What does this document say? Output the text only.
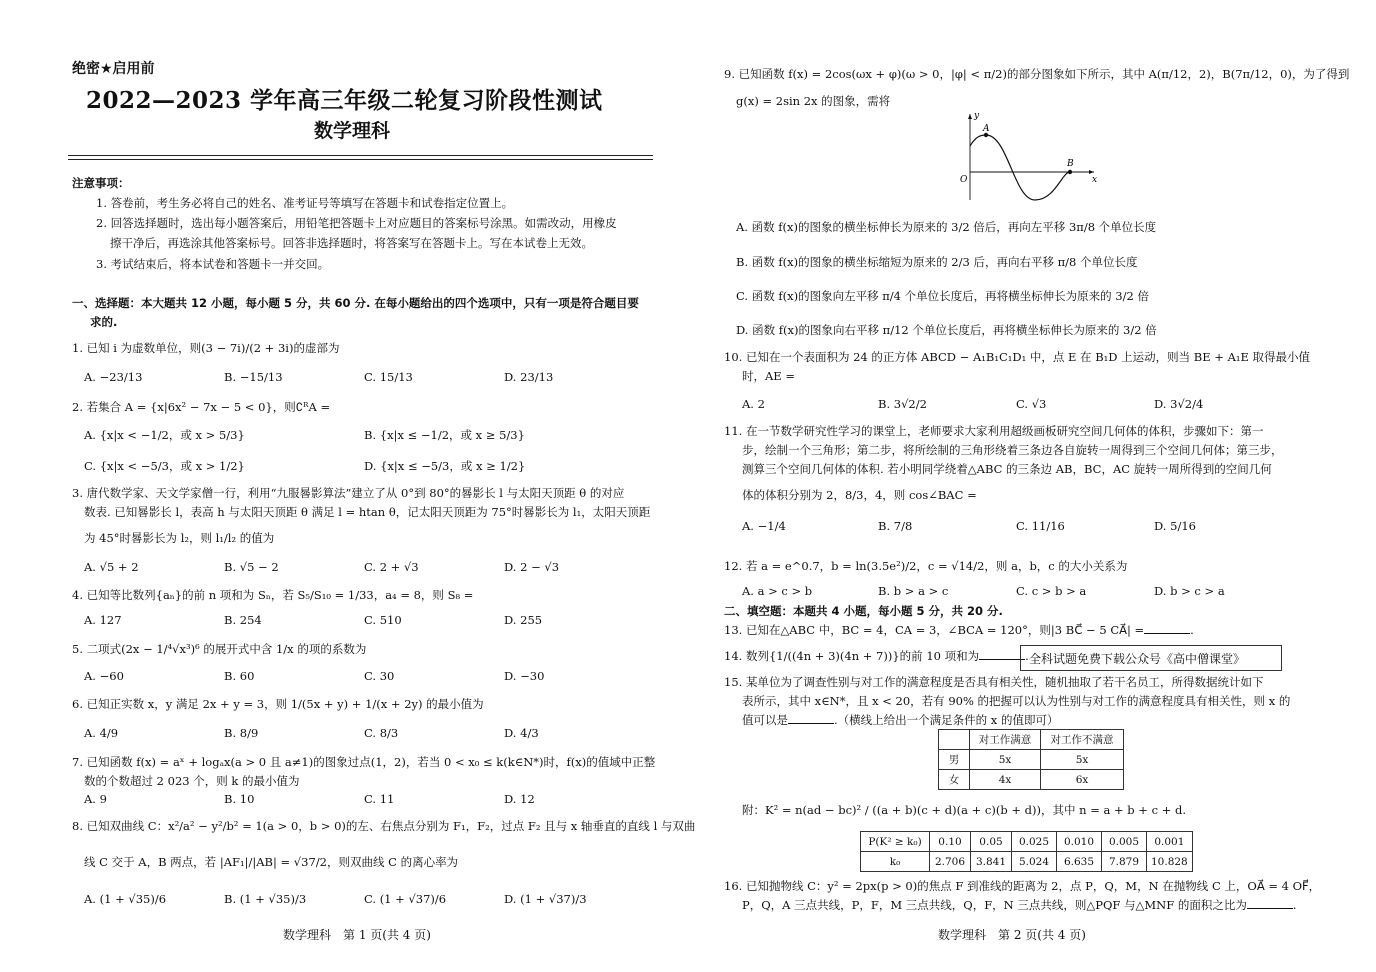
绝密★启用前
2022—2023 学年高三年级二轮复习阶段性测试
数学理科
注意事项：
1. 答卷前，考生务必将自己的姓名、准考证号等填写在答题卡和试卷指定位置上。
2. 回答选择题时，选出每小题答案后，用铅笔把答题卡上对应题目的答案标号涂黑。如需改动，用橡皮
擦干净后，再选涂其他答案标号。回答非选择题时，将答案写在答题卡上。写在本试卷上无效。
3. 考试结束后，将本试卷和答题卡一并交回。
一、选择题：本大题共 12 小题，每小题 5 分，共 60 分. 在每小题给出的四个选项中，只有一项是符合题目要
求的.
1. 已知 i 为虚数单位，则(3 − 7i)/(2 + 3i)的虚部为
A. −23/13	B. −15/13	C. 15/13	D. 23/13
2. 若集合 A = {x|6x² − 7x − 5 < 0}，则∁ᴿA =
A. {x|x < −1/2，或 x > 5/3}	B. {x|x ≤ −1/2，或 x ≥ 5/3}
C. {x|x < −5/3，或 x > 1/2}	D. {x|x ≤ −5/3，或 x ≥ 1/2}
3. 唐代数学家、天文学家僧一行，利用“九服晷影算法”建立了从 0°到 80°的晷影长 l 与太阳天顶距 θ 的对应
数表. 已知晷影长 l，表高 h 与太阳天顶距 θ 满足 l = htan θ，记太阳天顶距为 75°时晷影长为 l₁，太阳天顶距
为 45°时晷影长为 l₂，则 l₁/l₂ 的值为
A. √5 + 2	B. √5 − 2	C. 2 + √3	D. 2 − √3
4. 已知等比数列{aₙ}的前 n 项和为 Sₙ，若 S₅/S₁₀ = 1/33，a₄ = 8，则 S₈ =
A. 127	B. 254	C. 510	D. 255
5. 二项式(2x − 1/⁴√x³)⁶ 的展开式中含 1/x 的项的系数为
A. −60	B. 60	C. 30	D. −30
6. 已知正实数 x，y 满足 2x + y = 3，则 1/(5x + y) + 1/(x + 2y) 的最小值为
A. 4/9	B. 8/9	C. 8/3	D. 4/3
7. 已知函数 f(x) = aˣ + logₐx(a > 0 且 a≠1)的图象过点(1，2)，若当 0 < x₀ ≤ k(k∈N*)时，f(x)的值域中正整
数的个数超过 2 023 个，则 k 的最小值为
A. 9	B. 10	C. 11	D. 12
8. 已知双曲线 C：x²/a² − y²/b² = 1(a > 0，b > 0)的左、右焦点分别为 F₁，F₂，过点 F₂ 且与 x 轴垂直的直线 l 与双曲
线 C 交于 A，B 两点，若 |AF₁|/|AB| = √37/2，则双曲线 C 的离心率为
A. (1 + √35)/6	B. (1 + √35)/3	C. (1 + √37)/6	D. (1 + √37)/3
数学理科　第 1 页(共 4 页)
9. 已知函数 f(x) = 2cos(ωx + φ)(ω > 0，|φ| < π/2)的部分图象如下所示，其中 A(π/12，2)，B(7π/12，0)，为了得到
g(x) = 2sin 2x 的图象，需将
y
x
O
A
B
A. 函数 f(x)的图象的横坐标伸长为原来的 3/2 倍后，再向左平移 3π/8 个单位长度
B. 函数 f(x)的图象的横坐标缩短为原来的 2/3 后，再向右平移 π/8 个单位长度
C. 函数 f(x)的图象向左平移 π/4 个单位长度后，再将横坐标伸长为原来的 3/2 倍
D. 函数 f(x)的图象向右平移 π/12 个单位长度后，再将横坐标伸长为原来的 3/2 倍
10. 已知在一个表面积为 24 的正方体 ABCD − A₁B₁C₁D₁ 中，点 E 在 B₁D 上运动，则当 BE + A₁E 取得最小值
时，AE =
A. 2	B. 3√2/2	C. √3	D. 3√2/4
11. 在一节数学研究性学习的课堂上，老师要求大家利用超级画板研究空间几何体的体积，步骤如下：第一
步，绘制一个三角形；第二步，将所绘制的三角形绕着三条边各自旋转一周得到三个空间几何体；第三步，
测算三个空间几何体的体积. 若小明同学绕着△ABC 的三条边 AB，BC，AC 旋转一周所得到的空间几何
体的体积分别为 2，8/3，4，则 cos∠BAC =
A. −1/4	B. 7/8	C. 11/16	D. 5/16
12. 若 a = e^0.7，b = ln(3.5e²)/2，c = √14/2，则 a，b，c 的大小关系为
A. a > c > b	B. b > a > c	C. c > b > a	D. b > c > a
二、填空题：本题共 4 小题，每小题 5 分，共 20 分.
13. 已知在△ABC 中，BC = 4，CA = 3，∠BCA = 120°，则|3 BC⃗ − 5 CA⃗| =	.
14. 数列{1/((4n + 3)(4n + 7))}的前 10 项和为	. 全科试题免费下载公众号《高中僧课堂》
15. 某单位为了调查性别与对工作的满意程度是否具有相关性，随机抽取了若干名员工，所得数据统计如下
表所示，其中 x∈N*，且 x < 20，若有 90% 的把握可以认为性别与对工作的满意程度具有相关性，则 x 的
值可以是	.（横线上给出一个满足条件的 x 的值即可）
	对工作满意	对工作不满意
男	5x	5x
女	4x	6x
附：K² = n(ad − bc)² / ((a + b)(c + d)(a + c)(b + d))，其中 n = a + b + c + d.
P(K² ≥ k₀)	0.10	0.05	0.025	0.010	0.005	0.001
k₀	2.706	3.841	5.024	6.635	7.879	10.828
16. 已知抛物线 C：y² = 2px(p > 0)的焦点 F 到准线的距离为 2，点 P，Q，M，N 在抛物线 C 上，OA⃗ = 4 OF⃗，
P，Q，A 三点共线，P，F，M 三点共线，Q，F，N 三点共线，则△PQF 与△MNF 的面积之比为	.
数学理科　第 2 页(共 4 页)
